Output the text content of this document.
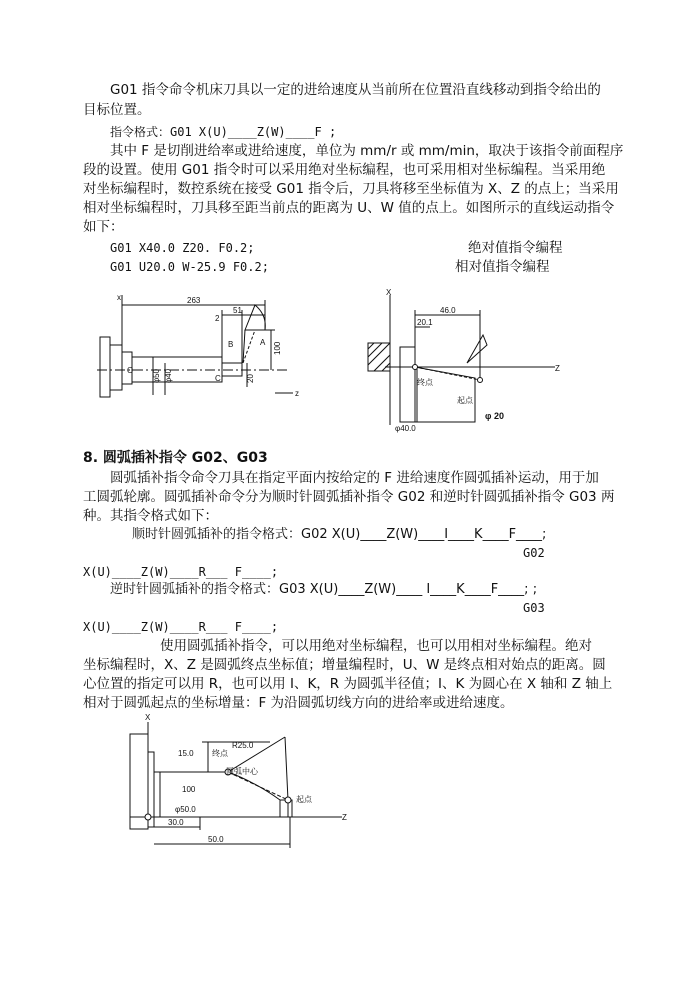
G01 指令命令机床刀具以一定的进给速度从当前所在位置沿直线移动到指令给出的
目标位置。
指令格式：G01 X(U)____Z(W)____F ;
其中 F 是切削进给率或进给速度，单位为 mm/r 或 mm/min，取决于该指令前面程序
段的设置。使用 G01 指令时可以采用绝对坐标编程，也可采用相对坐标编程。当采用绝
对坐标编程时，数控系统在接受 G01 指令后，刀具将移至坐标值为 X、Z 的点上；当采用
相对坐标编程时，刀具移至距当前点的距离为 U、W 值的点上。如图所示的直线运动指令
如下：
G01 X40.0 Z20. F0.2;	绝对值指令编程
G01 U20.0 W-25.9 F0.2;	相对值指令编程
x
O
263
2
51
B	A
C
100
20
φ50 φ40
z
X
46.0
20.1
终点
起点
Z
φ 20
φ40.0
8. 圆弧插补指令 G02、G03
圆弧插补指令命令刀具在指定平面内按给定的 F 进给速度作圆弧插补运动，用于加
工圆弧轮廓。圆弧插补命令分为顺时针圆弧插补指令 G02 和逆时针圆弧插补指令 G03 两
种。其指令格式如下：
顺时针圆弧插补的指令格式：G02 X(U)____Z(W)____I____K____F____;
G02
X(U)____Z(W)____R___ F____;
逆时针圆弧插补的指令格式：G03 X(U)____Z(W)____ I____K____F____; ;
G03
X(U)____Z(W)____R___ F____;
使用圆弧插补指令，可以用绝对坐标编程，也可以用相对坐标编程。绝对
坐标编程时，X、Z 是圆弧终点坐标值；增量编程时，U、W 是终点相对始点的距离。圆
心位置的指定可以用 R，也可以用 I、K，R 为圆弧半径值；I、K 为圆心在 X 轴和 Z 轴上
相对于圆弧起点的坐标增量：F 为沿圆弧切线方向的进给率或进给速度。
X
15.0 终点
R25.0
圆弧中心
100
起点
φ50.0
30.0
Z
50.0
